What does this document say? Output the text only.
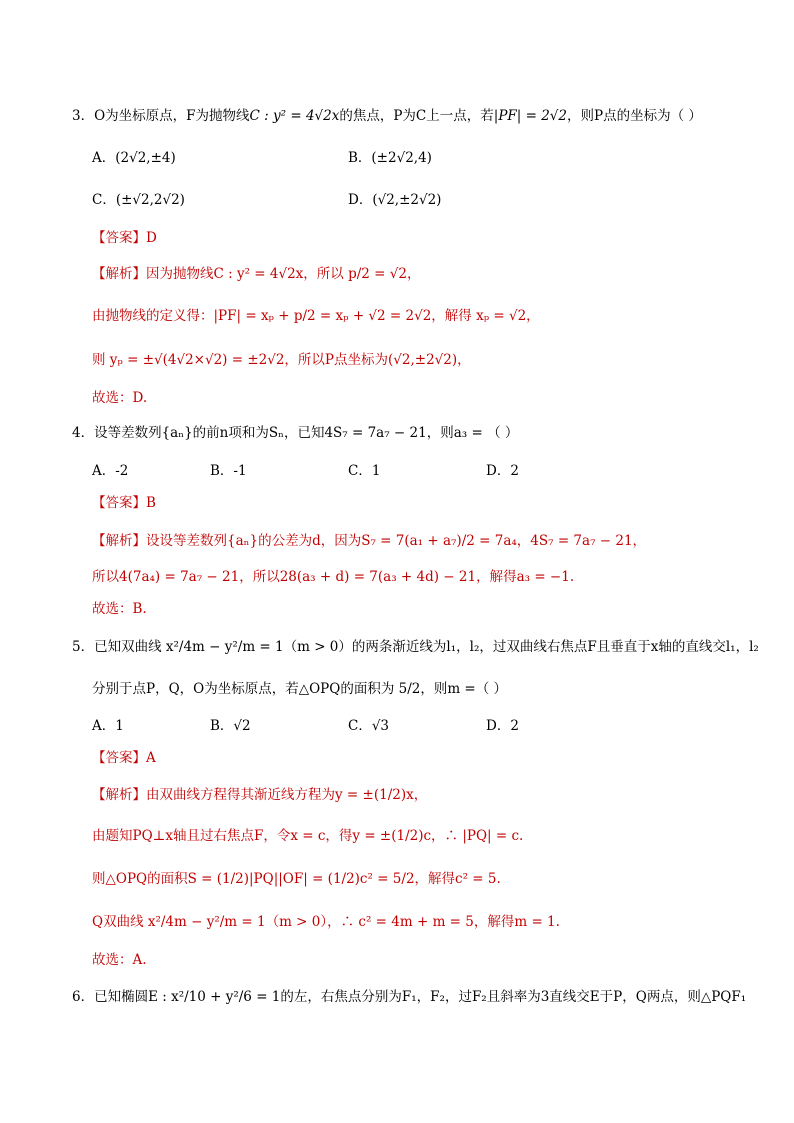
3．O为坐标原点，F为抛物线C : y² = 4√2x的焦点，P为C上一点，若|PF| = 2√2，则P点的坐标为（ ）
A．(2√2,±4)	B．(±2√2,4)
C．(±√2,2√2)	D．(√2,±2√2)
【答案】D
【解析】因为抛物线C : y² = 4√2x，所以 p/2 = √2，
由抛物线的定义得：|PF| = xₚ + p/2 = xₚ + √2 = 2√2，解得 xₚ = √2，
则 yₚ = ±√(4√2×√2) = ±2√2，所以P点坐标为(√2,±2√2)，
故选：D.
4．设等差数列{aₙ}的前n项和为Sₙ，已知4S₇ = 7a₇ − 21，则a₃ = （ ）
A．-2	B．-1	C．1	D．2
【答案】B
【解析】设设等差数列{aₙ}的公差为d，因为S₇ = 7(a₁ + a₇)/2 = 7a₄，4S₇ = 7a₇ − 21，
所以4(7a₄) = 7a₇ − 21，所以28(a₃ + d) = 7(a₃ + 4d) − 21，解得a₃ = −1.
故选：B.
5．已知双曲线 x²/4m − y²/m = 1（m > 0）的两条渐近线为l₁，l₂，过双曲线右焦点F且垂直于x轴的直线交l₁，l₂
分别于点P，Q，O为坐标原点，若△OPQ的面积为 5/2，则m =（ ）
A．1	B．√2	C．√3	D．2
【答案】A
【解析】由双曲线方程得其渐近线方程为y = ±(1/2)x，
由题知PQ⊥x轴且过右焦点F，令x = c，得y = ±(1/2)c，∴ |PQ| = c.
则△OPQ的面积S = (1/2)|PQ||OF| = (1/2)c² = 5/2，解得c² = 5.
Q双曲线 x²/4m − y²/m = 1（m > 0），∴ c² = 4m + m = 5，解得m = 1.
故选：A.
6．已知椭圆E : x²/10 + y²/6 = 1的左，右焦点分别为F₁，F₂，过F₂且斜率为3直线交E于P，Q两点，则△PQF₁
